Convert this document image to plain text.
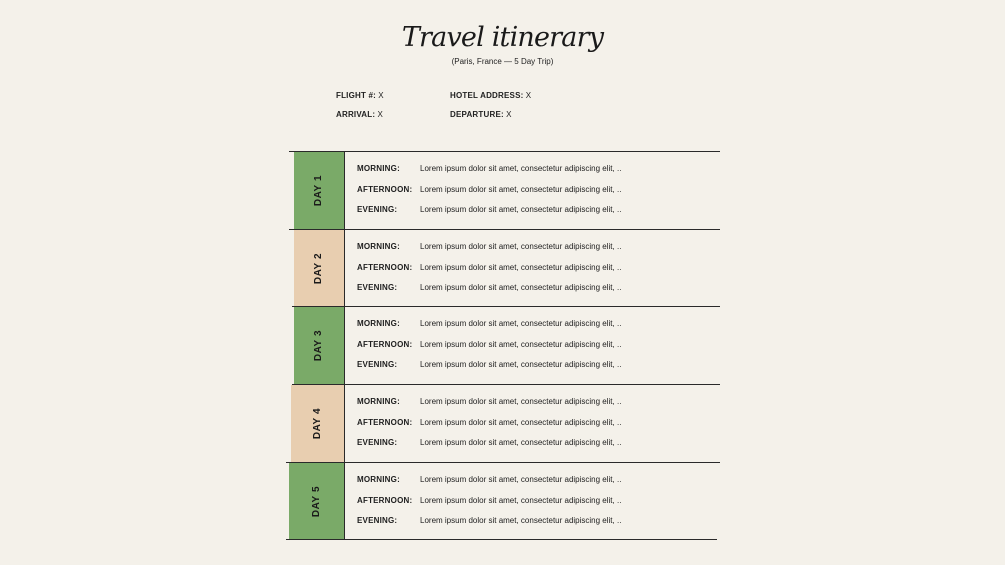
Travel itinerary
(Paris, France — 5 Day Trip)
FLIGHT #: X
ARRIVAL: X
HOTEL ADDRESS: X
DEPARTURE: X
DAY 1
MORNING:	Lorem ipsum dolor sit amet, consectetur adipiscing elit, ..
AFTERNOON: Lorem ipsum dolor sit amet, consectetur adipiscing elit, ..
EVENING:	Lorem ipsum dolor sit amet, consectetur adipiscing elit, ..
DAY 2
MORNING:	Lorem ipsum dolor sit amet, consectetur adipiscing elit, ..
AFTERNOON: Lorem ipsum dolor sit amet, consectetur adipiscing elit, ..
EVENING:	Lorem ipsum dolor sit amet, consectetur adipiscing elit, ..
DAY 3
MORNING:	Lorem ipsum dolor sit amet, consectetur adipiscing elit, ..
AFTERNOON: Lorem ipsum dolor sit amet, consectetur adipiscing elit, ..
EVENING:	Lorem ipsum dolor sit amet, consectetur adipiscing elit, ..
DAY 4
MORNING:	Lorem ipsum dolor sit amet, consectetur adipiscing elit, ..
AFTERNOON: Lorem ipsum dolor sit amet, consectetur adipiscing elit, ..
EVENING:	Lorem ipsum dolor sit amet, consectetur adipiscing elit, ..
DAY 5
MORNING:	Lorem ipsum dolor sit amet, consectetur adipiscing elit, ..
AFTERNOON: Lorem ipsum dolor sit amet, consectetur adipiscing elit, ..
EVENING:	Lorem ipsum dolor sit amet, consectetur adipiscing elit, ..
